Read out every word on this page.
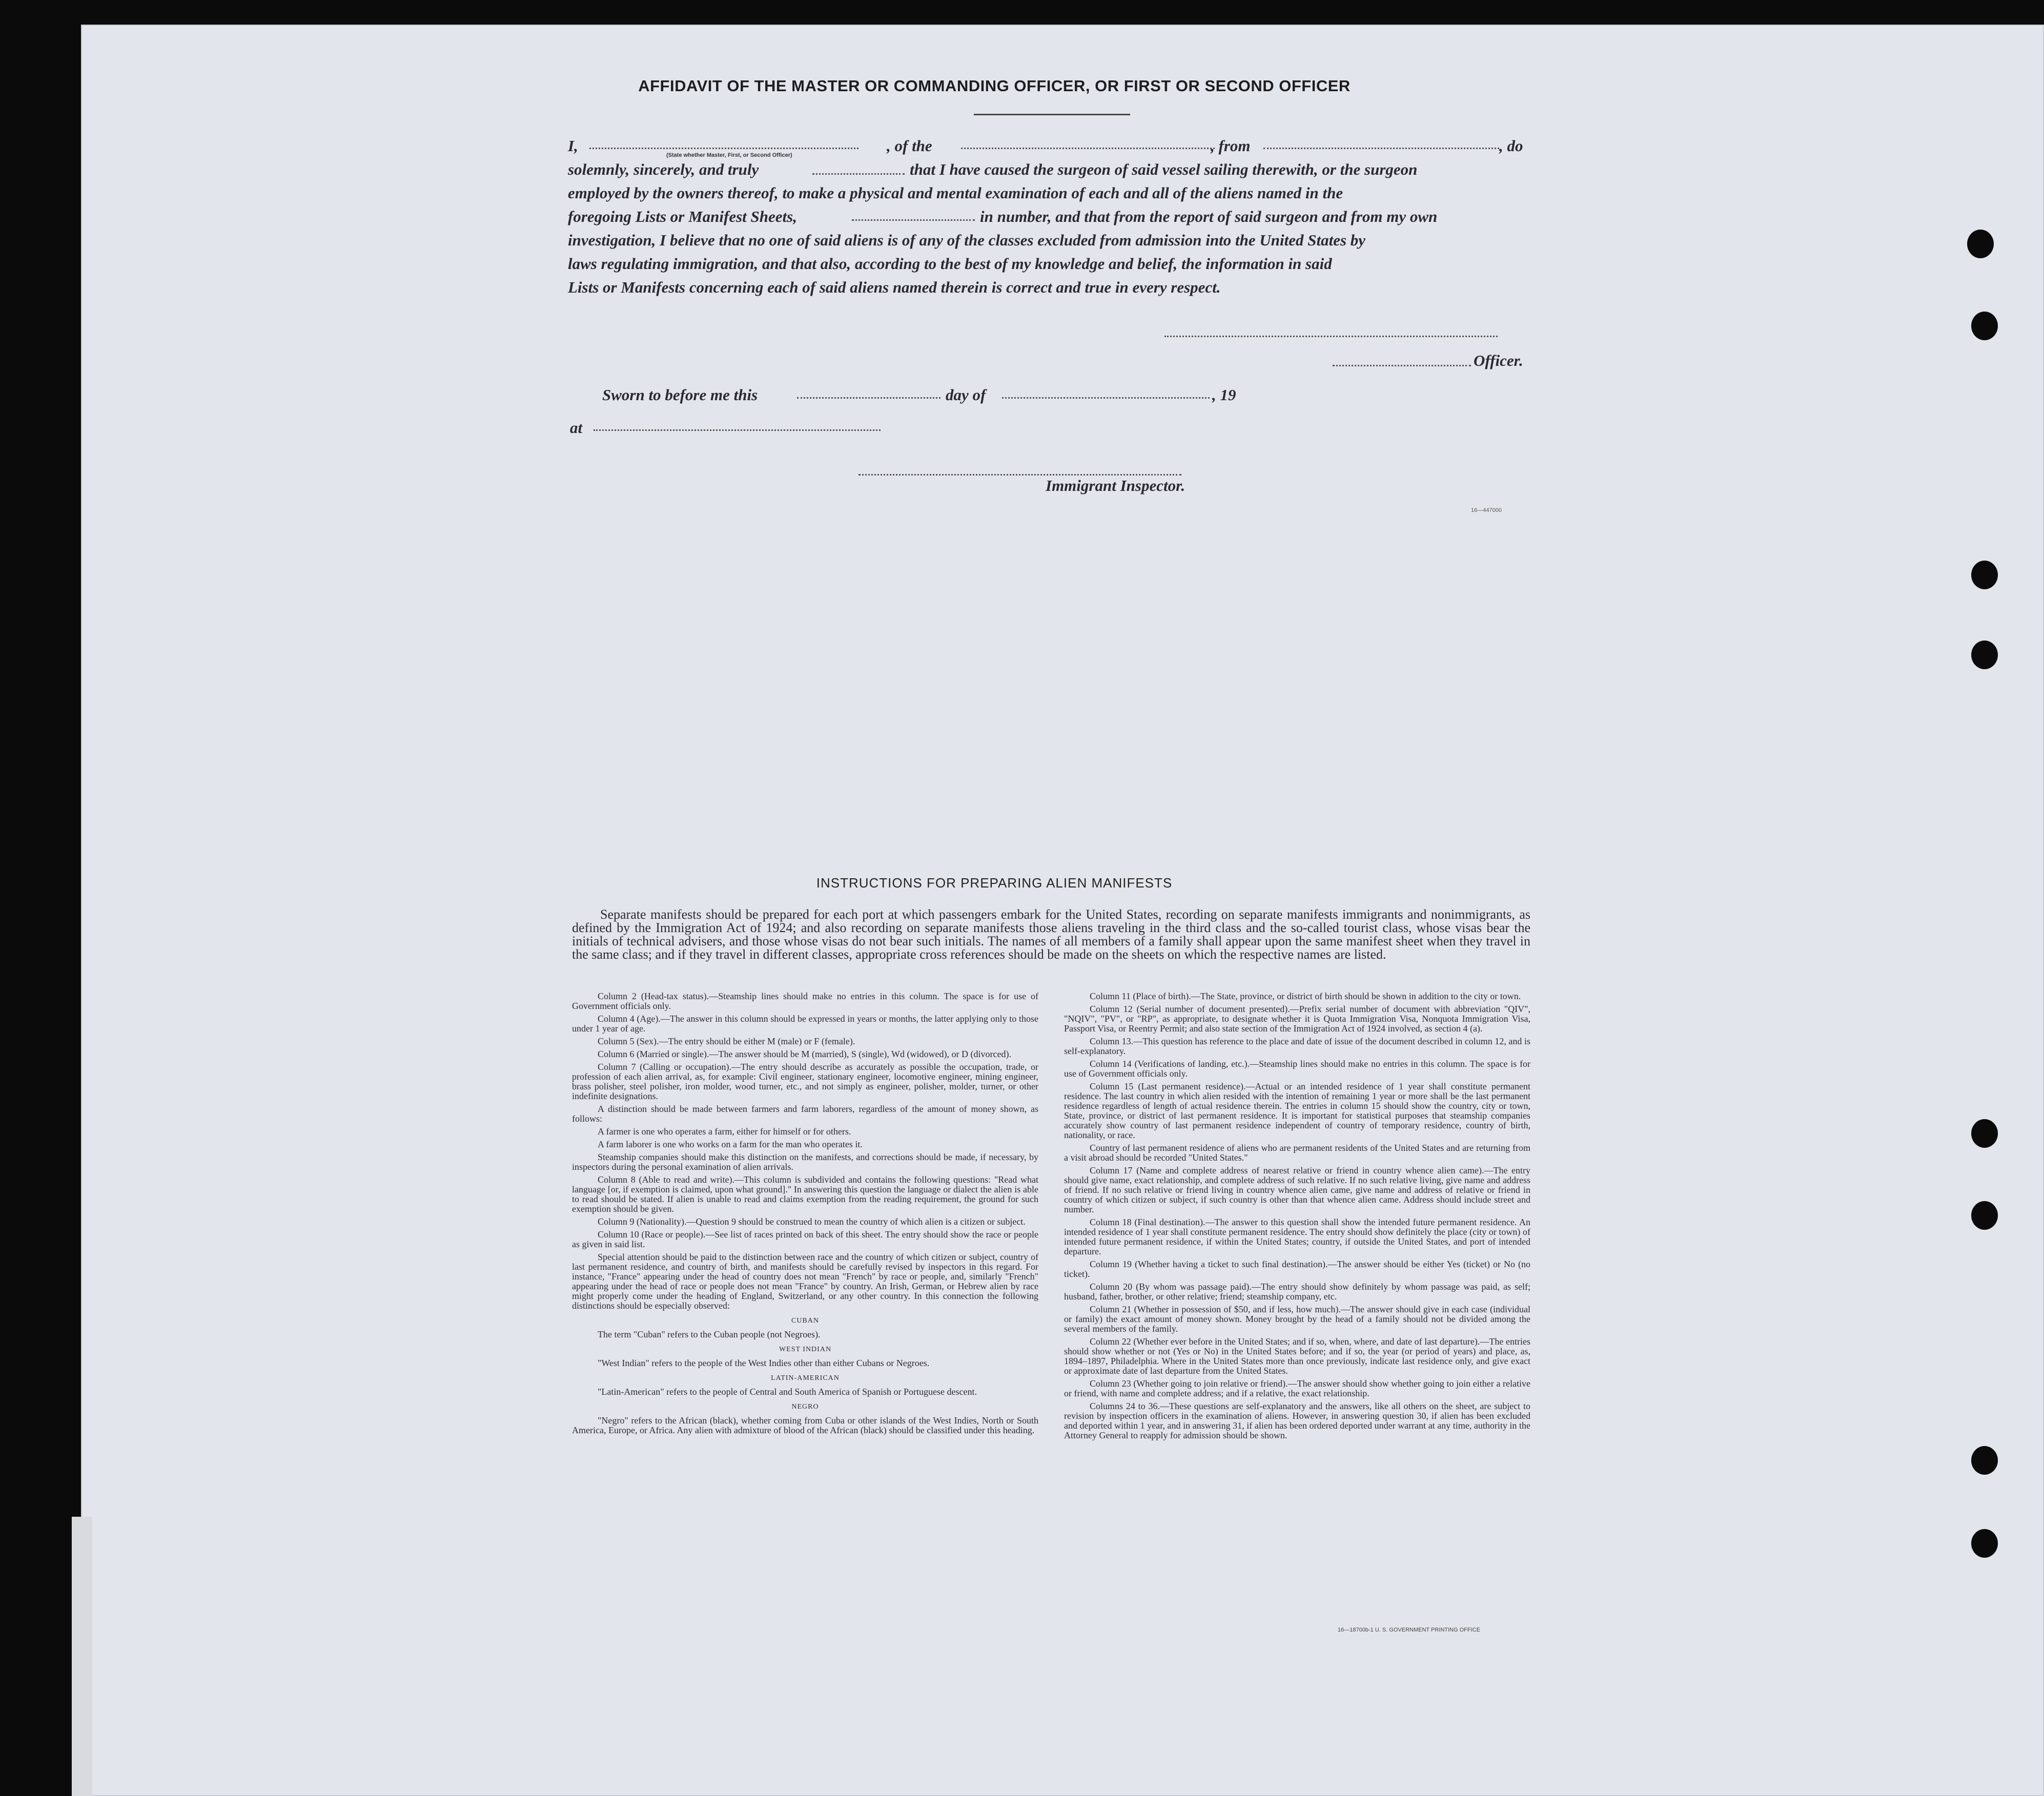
AFFIDAVIT OF THE MASTER OR COMMANDING OFFICER, OR FIRST OR SECOND OFFICER
I,	, of the	, from	, do
(State whether Master, First, or Second Officer)
solemnly, sincerely, and truly	that I have caused the surgeon of said vessel sailing therewith, or the surgeon
employed by the owners thereof, to make a physical and mental examination of each and all of the aliens named in the
foregoing Lists or Manifest Sheets,	in number, and that from the report of said surgeon and from my own
investigation, I believe that no one of said aliens is of any of the classes excluded from admission into the United States by
laws regulating immigration, and that also, according to the best of my knowledge and belief, the information in said
Lists or Manifests concerning each of said aliens named therein is correct and true in every respect.
Officer.
Sworn to before me this	day of	, 19
at
Immigrant Inspector.
16—447000
INSTRUCTIONS FOR PREPARING ALIEN MANIFESTS
Separate manifests should be prepared for each port at which passengers embark for the United States, recording on separate manifests immigrants and nonimmigrants, as defined by the Immigration Act of 1924; and also recording on separate manifests those aliens traveling in the third class and the so-called tourist class, whose visas bear the initials of technical advisers, and those whose visas do not bear such initials. The names of all members of a family shall appear upon the same manifest sheet when they travel in the same class; and if they travel in different classes, appropriate cross references should be made on the sheets on which the respective names are listed.

Column 2 (Head-tax status).—Steamship lines should make no entries in this column. The space is for use of Government officials only.

Column 4 (Age).—The answer in this column should be expressed in years or months, the latter applying only to those under 1 year of age.

Column 5 (Sex).—The entry should be either M (male) or F (female).

Column 6 (Married or single).—The answer should be M (married), S (single), Wd (widowed), or D (divorced).

Column 7 (Calling or occupation).—The entry should describe as accurately as possible the occupation, trade, or profession of each alien arrival, as, for example: Civil engineer, stationary engineer, locomotive engineer, mining engineer, brass polisher, steel polisher, iron molder, wood turner, etc., and not simply as engineer, polisher, molder, turner, or other indefinite designations.

A distinction should be made between farmers and farm laborers, regardless of the amount of money shown, as follows:

A farmer is one who operates a farm, either for himself or for others.

A farm laborer is one who works on a farm for the man who operates it.

Steamship companies should make this distinction on the manifests, and corrections should be made, if necessary, by inspectors during the personal examination of alien arrivals.

Column 8 (Able to read and write).—This column is subdivided and contains the following questions: "Read what language [or, if exemption is claimed, upon what ground]." In answering this question the language or dialect the alien is able to read should be stated. If alien is unable to read and claims exemption from the reading requirement, the ground for such exemption should be given.

Column 9 (Nationality).—Question 9 should be construed to mean the country of which alien is a citizen or subject.

Column 10 (Race or people).—See list of races printed on back of this sheet. The entry should show the race or people as given in said list.

Special attention should be paid to the distinction between race and the country of which citizen or subject, country of last permanent residence, and country of birth, and manifests should be carefully revised by inspectors in this regard. For instance, "France" appearing under the head of country does not mean "French" by race or people, and, similarly "French" appearing under the head of race or people does not mean "France" by country. An Irish, German, or Hebrew alien by race might properly come under the heading of England, Switzerland, or any other country. In this connection the following distinctions should be especially observed:

CUBAN

The term "Cuban" refers to the Cuban people (not Negroes).

WEST INDIAN

"West Indian" refers to the people of the West Indies other than either Cubans or Negroes.

LATIN-AMERICAN

"Latin-American" refers to the people of Central and South America of Spanish or Portuguese descent.

NEGRO

"Negro" refers to the African (black), whether coming from Cuba or other islands of the West Indies, North or South America, Europe, or Africa. Any alien with admixture of blood of the African (black) should be classified under this heading.

Column 11 (Place of birth).—The State, province, or district of birth should be shown in addition to the city or town.

Column 12 (Serial number of document presented).—Prefix serial number of document with abbreviation "QIV", "NQIV", "PV", or "RP", as appropriate, to designate whether it is Quota Immigration Visa, Nonquota Immigration Visa, Passport Visa, or Reentry Permit; and also state section of the Immigration Act of 1924 involved, as section 4 (a).

Column 13.—This question has reference to the place and date of issue of the document described in column 12, and is self-explanatory.

Column 14 (Verifications of landing, etc.).—Steamship lines should make no entries in this column. The space is for use of Government officials only.

Column 15 (Last permanent residence).—Actual or an intended residence of 1 year shall constitute permanent residence. The last country in which alien resided with the intention of remaining 1 year or more shall be the last permanent residence regardless of length of actual residence therein. The entries in column 15 should show the country, city or town, State, province, or district of last permanent residence. It is important for statistical purposes that steamship companies accurately show country of last permanent residence independent of country of temporary residence, country of birth, nationality, or race.

Country of last permanent residence of aliens who are permanent residents of the United States and are returning from a visit abroad should be recorded "United States."

Column 17 (Name and complete address of nearest relative or friend in country whence alien came).—The entry should give name, exact relationship, and complete address of such relative. If no such relative living, give name and address of friend. If no such relative or friend living in country whence alien came, give name and address of relative or friend in country of which citizen or subject, if such country is other than that whence alien came. Address should include street and number.

Column 18 (Final destination).—The answer to this question shall show the intended future permanent residence. An intended residence of 1 year shall constitute permanent residence. The entry should show definitely the place (city or town) of intended future permanent residence, if within the United States; country, if outside the United States, and port of intended departure.

Column 19 (Whether having a ticket to such final destination).—The answer should be either Yes (ticket) or No (no ticket).

Column 20 (By whom was passage paid).—The entry should show definitely by whom passage was paid, as self; husband, father, brother, or other relative; friend; steamship company, etc.

Column 21 (Whether in possession of $50, and if less, how much).—The answer should give in each case (individual or family) the exact amount of money shown. Money brought by the head of a family should not be divided among the several members of the family.

Column 22 (Whether ever before in the United States; and if so, when, where, and date of last departure).—The entries should show whether or not (Yes or No) in the United States before; and if so, the year (or period of years) and place, as, 1894–1897, Philadelphia. Where in the United States more than once previously, indicate last residence only, and give exact or approximate date of last departure from the United States.

Column 23 (Whether going to join relative or friend).—The answer should show whether going to join either a relative or friend, with name and complete address; and if a relative, the exact relationship.

Columns 24 to 36.—These questions are self-explanatory and the answers, like all others on the sheet, are subject to revision by inspection officers in the examination of aliens. However, in answering question 30, if alien has been excluded and deported within 1 year, and in answering 31, if alien has been ordered deported under warrant at any time, authority in the Attorney General to reapply for admission should be shown.

16—18700b-1 U. S. GOVERNMENT PRINTING OFFICE
